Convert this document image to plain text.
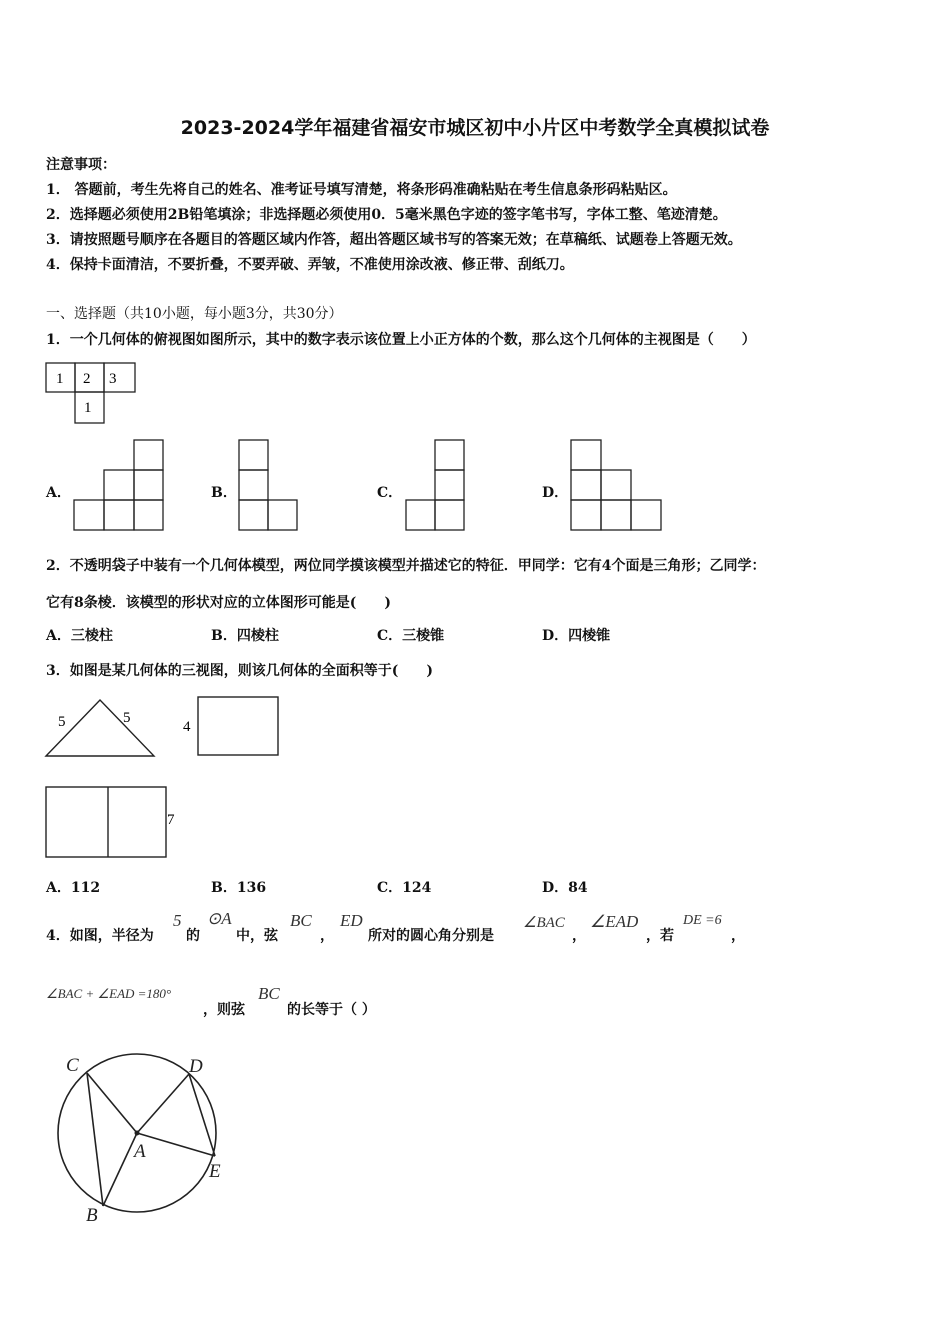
2023-2024学年福建省福安市城区初中小片区中考数学全真模拟试卷
注意事项：
1． 答题前，考生先将自己的姓名、准考证号填写清楚，将条形码准确粘贴在考生信息条形码粘贴区。
2．选择题必须使用2B铅笔填涂；非选择题必须使用0．5毫米黑色字迹的签字笔书写，字体工整、笔迹清楚。
3．请按照题号顺序在各题目的答题区域内作答，超出答题区域书写的答案无效；在草稿纸、试题卷上答题无效。
4．保持卡面清洁，不要折叠，不要弄破、弄皱，不准使用涂改液、修正带、刮纸刀。
一、选择题（共10小题，每小题3分，共30分）
1．一个几何体的俯视图如图所示，其中的数字表示该位置上小正方体的个数，那么这个几何体的主视图是（　　）
1 2 3
1
5	5
4
7
C	D
A
E
B
A．	B．	C．	D．
2．不透明袋子中装有一个几何体模型，两位同学摸该模型并描述它的特征．甲同学：它有4个面是三角形；乙同学：
它有8条棱．该模型的形状对应的立体图形可能是(　　)
A．三棱柱	B．四棱柱	C．三棱锥	D．四棱锥
3．如图是某几何体的三视图，则该几何体的全面积等于(　　)
A．112	B．136	C．124	D．84
4．如图，半径为
5
的
⊙A
中，弦
BC
，
ED
所对的圆心角分别是
∠BAC
，
∠EAD
，若
DE =6
，
∠BAC + ∠EAD =180°
，则弦
BC
的长等于（ ）
